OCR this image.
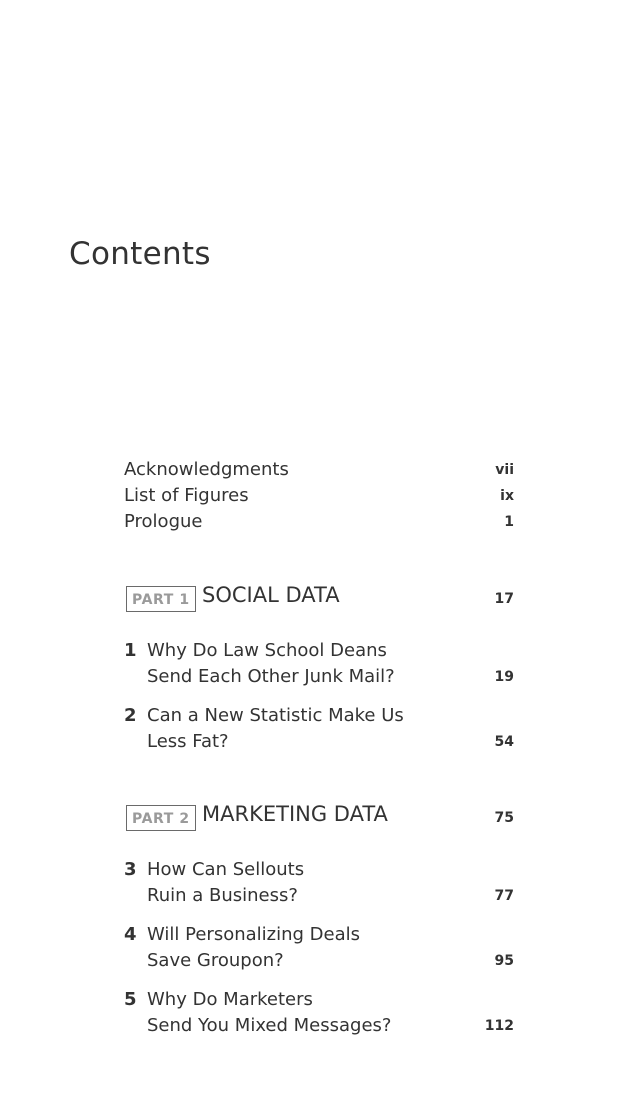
Contents
Acknowledgments	vii
List of Figures	ix
Prologue	1
PART 1 SOCIAL DATA	17
1 Why Do Law School Deans
Send Each Other Junk Mail?	19
2 Can a New Statistic Make Us
Less Fat?	54
PART 2 MARKETING DATA	75
3 How Can Sellouts
Ruin a Business?	77
4 Will Personalizing Deals
Save Groupon?	95
5 Why Do Marketers
Send You Mixed Messages?	112
